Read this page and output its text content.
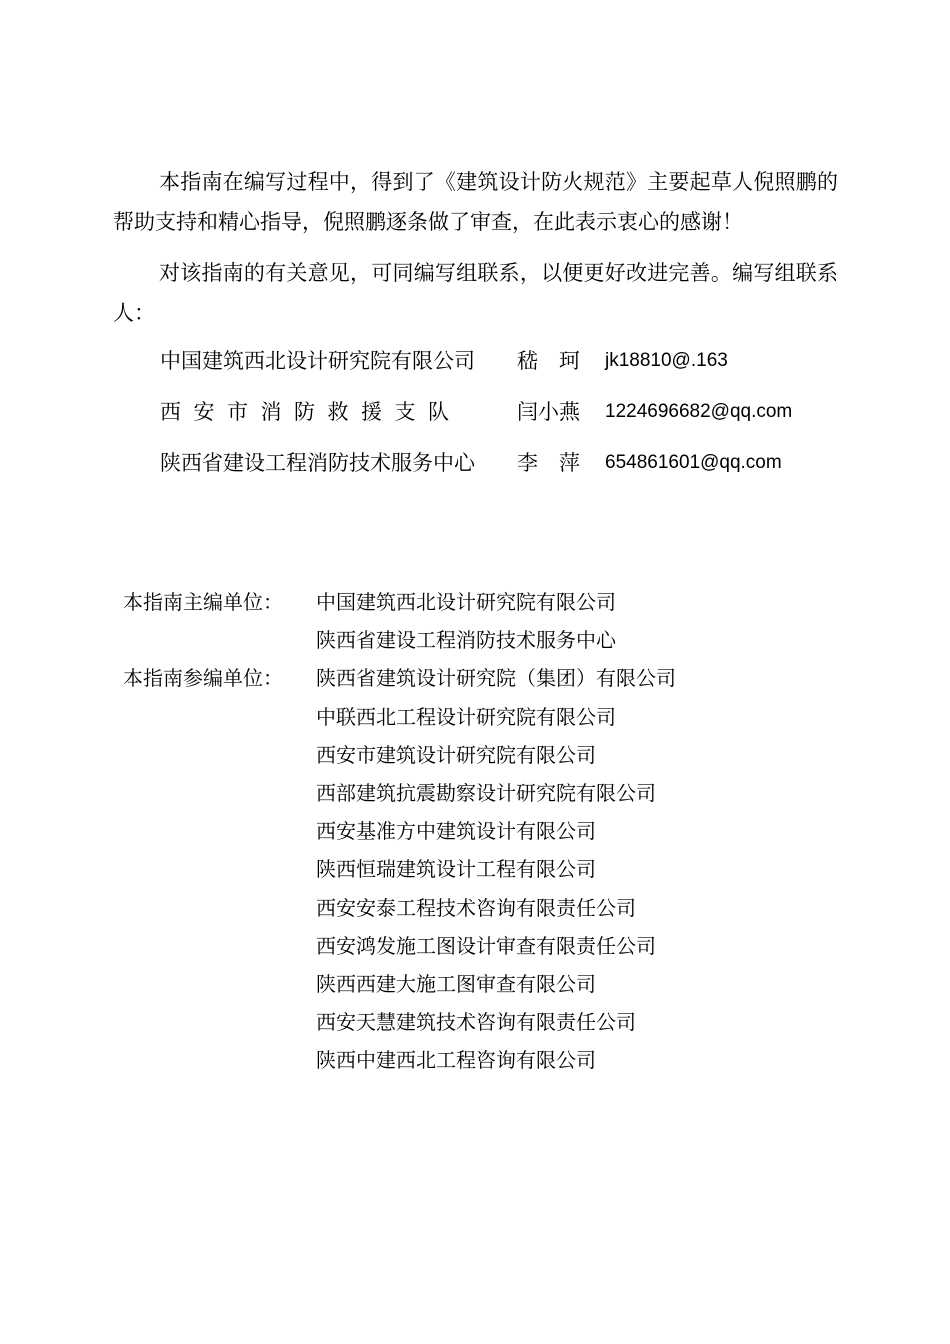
本指南在编写过程中，得到了《建筑设计防火规范》主要起草人倪照鹏的帮助支持和精心指导，倪照鹏逐条做了审查，在此表示衷心的感谢！

对该指南的有关意见，可同编写组联系，以便更好改进完善。编写组联系人：

中国建筑西北设计研究院有限公司 嵇　珂 jk18810@.163
西安市消防救援支队	闫小燕 1224696682@qq.com
陕西省建设工程消防技术服务中心 李　萍 654861601@qq.com
本指南主编单位： 中国建筑西北设计研究院有限公司
陕西省建设工程消防技术服务中心
本指南参编单位： 陕西省建筑设计研究院（集团）有限公司
中联西北工程设计研究院有限公司
西安市建筑设计研究院有限公司
西部建筑抗震勘察设计研究院有限公司
西安基准方中建筑设计有限公司
陕西恒瑞建筑设计工程有限公司
西安安泰工程技术咨询有限责任公司
西安鸿发施工图设计审查有限责任公司
陕西西建大施工图审查有限公司
西安天慧建筑技术咨询有限责任公司
陕西中建西北工程咨询有限公司
